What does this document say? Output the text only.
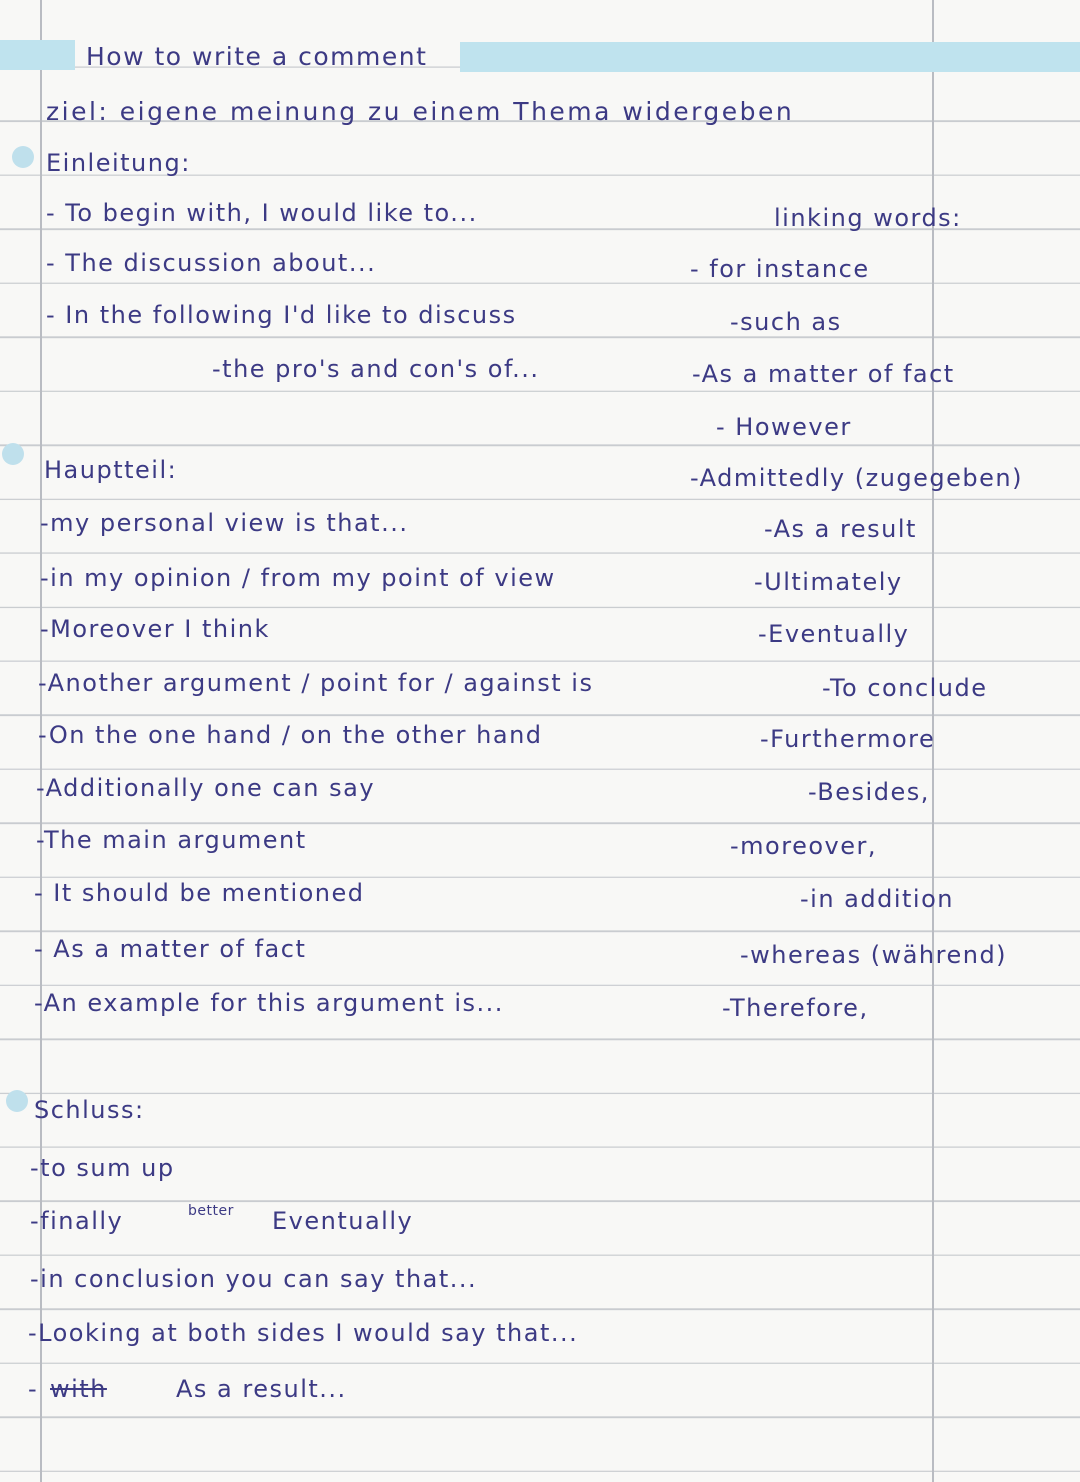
How to write a comment
ziel: eigene meinung zu einem Thema widergeben
Einleitung:
- To begin with, I would like to...
- The discussion about...
- In the following I'd like to discuss
-the pro's and con's of...
Hauptteil:
-my personal view is that...
-in my opinion / from my point of view
-Moreover I think
-Another argument / point for / against is
-On the one hand / on the other hand
-Additionally one can say
-The main argument
- It should be mentioned
- As a matter of fact
-An example for this argument is...
Schluss:
-to sum up
-finally	better Eventually
-in conclusion you can say that...
-Looking at both sides I would say that...
- with	As a result...
linking words:
- for instance
-such as
-As a matter of fact
- However
-Admittedly (zugegeben)
-As a result
-Ultimately
-Eventually
-To conclude
-Furthermore
-Besides,
-moreover,
-in addition
-whereas (während)
-Therefore,
